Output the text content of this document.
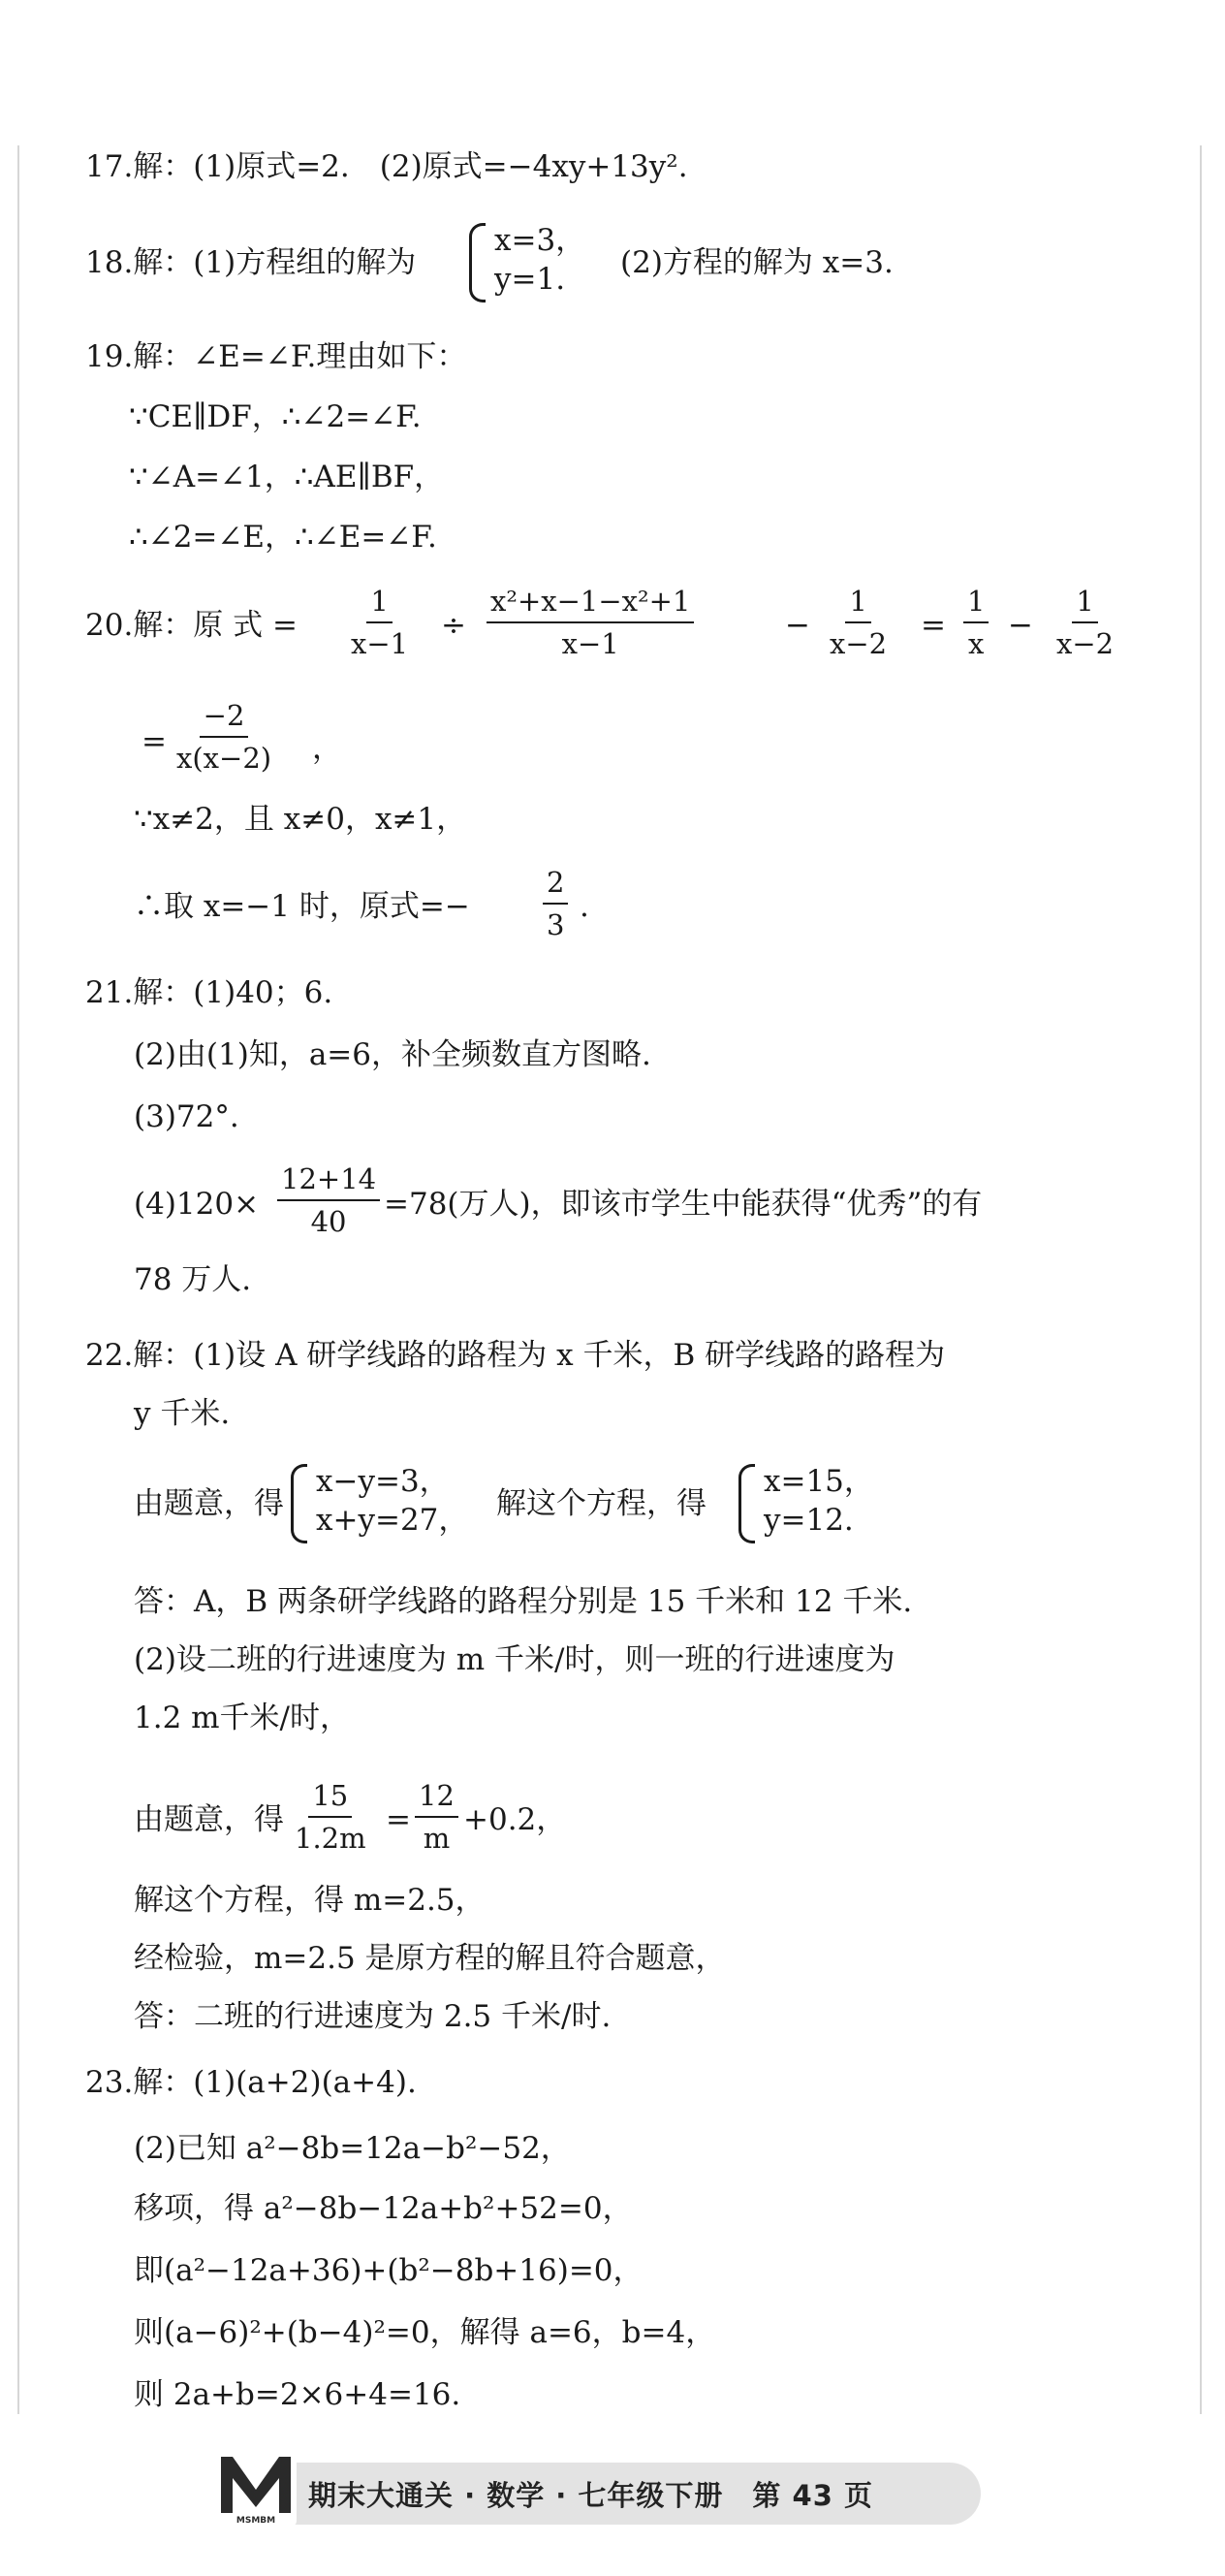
17.解：(1)原式=2.　(2)原式=−4xy+13y².
18.解：(1)方程组的解为
x=3，
y=1.	(2)方程的解为 x=3.
19.解：∠E=∠F.理由如下：
∵CE∥DF，∴∠2=∠F.
∵∠A=∠1，∴AE∥BF，
∴∠2=∠E，∴∠E=∠F.
20.解：原 式 = $\frac{1}{x-1} \div \frac{\text{x²+x−1−x²+1}}{x-1}$	− $\frac{1}{x-2} = \frac{1}{x} - \frac{1}{x-2}$
= $\frac{-2}{x(x-2)}$ ，
∵x≠2，且 x≠0，x≠1，
∴取 x=−1 时，原式=−	$\frac{2}{3}$ .
21.解：(1)40；6.
(2)由(1)知，a=6，补全频数直方图略.
(3)72°.
$(4)120\times \frac{12+14}{40} =78$(万人)，即该市学生中能获得“优秀”的有
78 万人.
22.解：(1)设 A 研学线路的路程为 x 千米，B 研学线路的路程为
y 千米.
由题意，得
x−y=3，
x+y=27， 解这个方程，得
x=15，
y=12.
答：A，B 两条研学线路的路程分别是 15 千米和 12 千米.
(2)设二班的行进速度为 m 千米/时，则一班的行进速度为
1.2 m千米/时，
由题意，得 $\frac{15}{1.2m} = \frac{12}{m} +0.2$，
解这个方程，得 m=2.5，
经检验，m=2.5 是原方程的解且符合题意，
答：二班的行进速度为 2.5 千米/时.
23.解：(1)(a+2)(a+4).
(2)已知 a²−8b=12a−b²−52，
移项，得 a²−8b−12a+b²+52=0，
即(a²−12a+36)+(b²−8b+16)=0，
则(a−6)²+(b−4)²=0，解得 a=6，b=4，
则 2a+b=2×6+4=16.
期末大通关 · 数学 · 七年级下册　第 43 页
MSMBM
